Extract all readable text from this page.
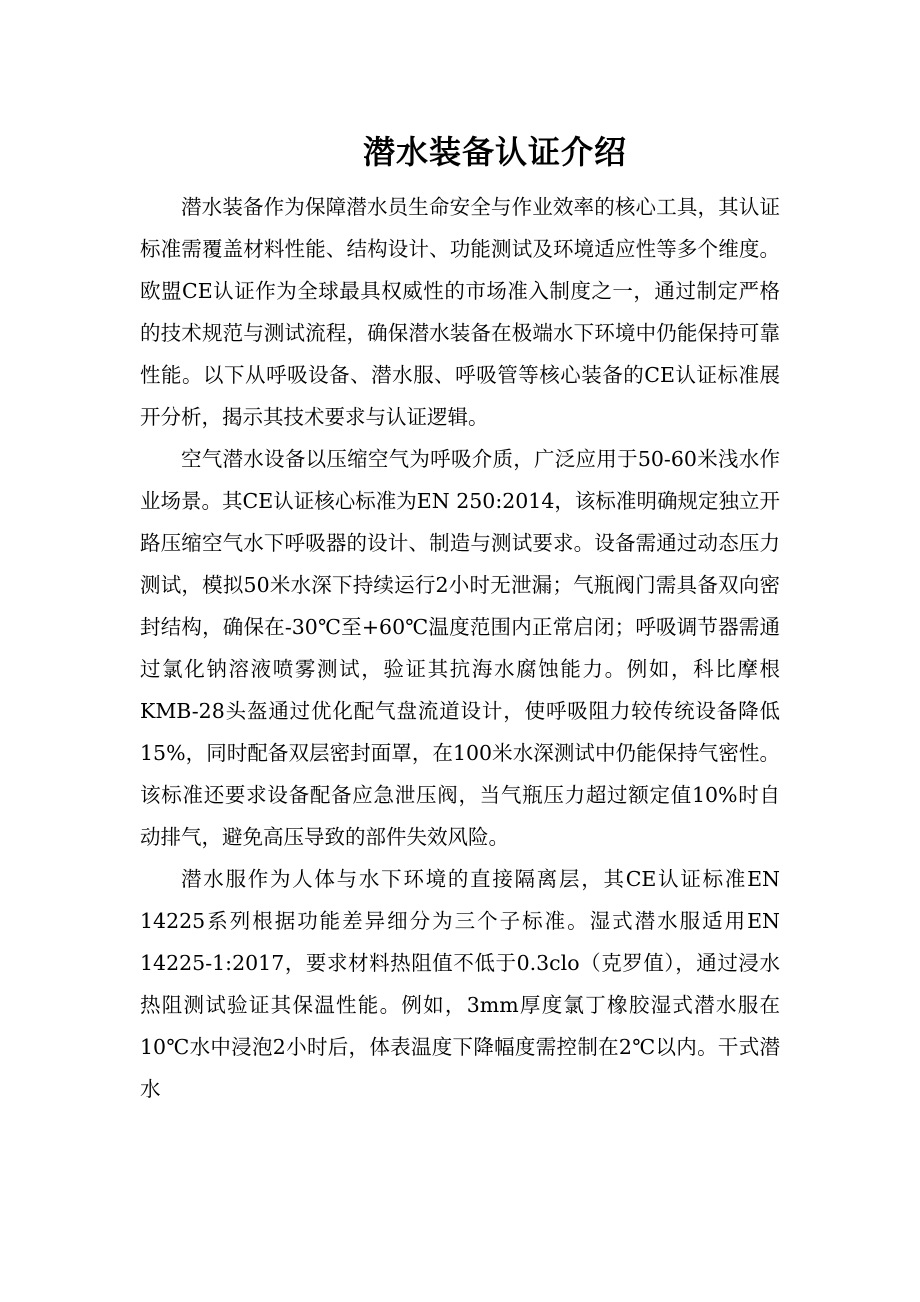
潜水装备认证介绍

潜水装备作为保障潜水员生命安全与作业效率的核心工具，其认证标准需覆盖材料性能、结构设计、功能测试及环境适应性等多个维度。欧盟CE认证作为全球最具权威性的市场准入制度之一，通过制定严格的技术规范与测试流程，确保潜水装备在极端水下环境中仍能保持可靠性能。以下从呼吸设备、潜水服、呼吸管等核心装备的CE认证标准展开分析，揭示其技术要求与认证逻辑。

空气潜水设备以压缩空气为呼吸介质，广泛应用于50-60米浅水作业场景。其CE认证核心标准为EN 250:2014，该标准明确规定独立开路压缩空气水下呼吸器的设计、制造与测试要求。设备需通过动态压力测试，模拟50米水深下持续运行2小时无泄漏；气瓶阀门需具备双向密封结构，确保在-30℃至+60℃温度范围内正常启闭；呼吸调节器需通过氯化钠溶液喷雾测试，验证其抗海水腐蚀能力。例如，科比摩根KMB-28头盔通过优化配气盘流道设计，使呼吸阻力较传统设备降低15%，同时配备双层密封面罩，在100米水深测试中仍能保持气密性。该标准还要求设备配备应急泄压阀，当气瓶压力超过额定值10%时自动排气，避免高压导致的部件失效风险。

潜水服作为人体与水下环境的直接隔离层，其CE认证标准EN 14225系列根据功能差异细分为三个子标准。湿式潜水服适用EN 14225-1:2017，要求材料热阻值不低于0.3clo（克罗值），通过浸水热阻测试验证其保温性能。例如，3mm厚度氯丁橡胶湿式潜水服在10℃水中浸泡2小时后，体表温度下降幅度需控制在2℃以内。干式潜水
